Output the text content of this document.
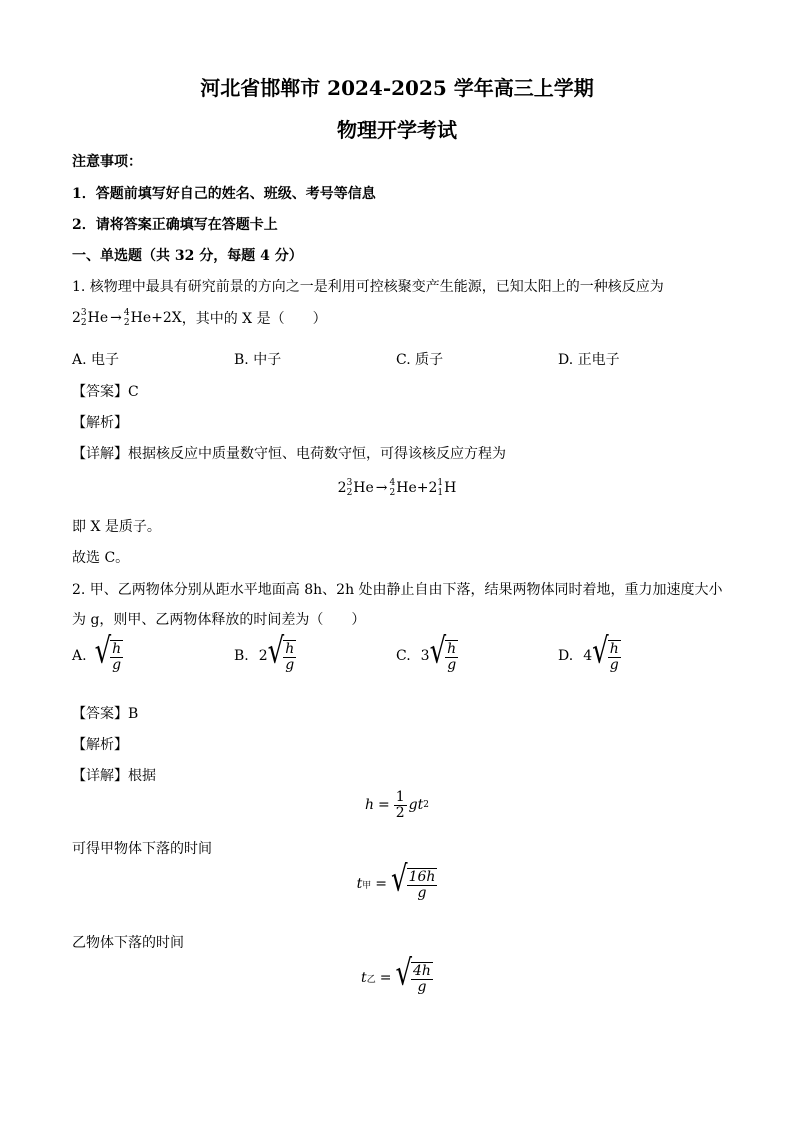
河北省邯郸市 2024-2025 学年高三上学期
物理开学考试
注意事项：
1．答题前填写好自己的姓名、班级、考号等信息
2．请将答案正确填写在答题卡上
一、单选题（共 32 分，每题 4 分）
1. 核物理中最具有研究前景的方向之一是利用可控核聚变产生能源，已知太阳上的一种核反应为
2 3
2 He → 4
2 He+2X ，其中的 X 是（　　）
A. 电子	B. 中子	C. 质子	D. 正电子
【答案】C
【解析】
【详解】根据核反应中质量数守恒、电荷数守恒，可得该核反应方程为
2 3
2 He → 4
2 He+2 1
1 H
即 X 是质子。
故选 C。
2. 甲、乙两物体分别从距水平地面高 8h、2h 处由静止自由下落，结果两物体同时着地，重力加速度大小
为 g，则甲、乙两物体释放的时间差为（　　）
A. √ $\frac{h}{g}$	B. 2 √ $\frac{h}{g}$	C. 3 √ $\frac{h}{g}$	D. 4 √ $\frac{h}{g}$
【答案】B
【解析】
【详解】根据
$h = \frac{1}{2}$ gt 2
可得甲物体下落的时间
t 甲 = √ $\frac{16h}{g}$
乙物体下落的时间
t 乙 = √ $\frac{4h}{g}$
